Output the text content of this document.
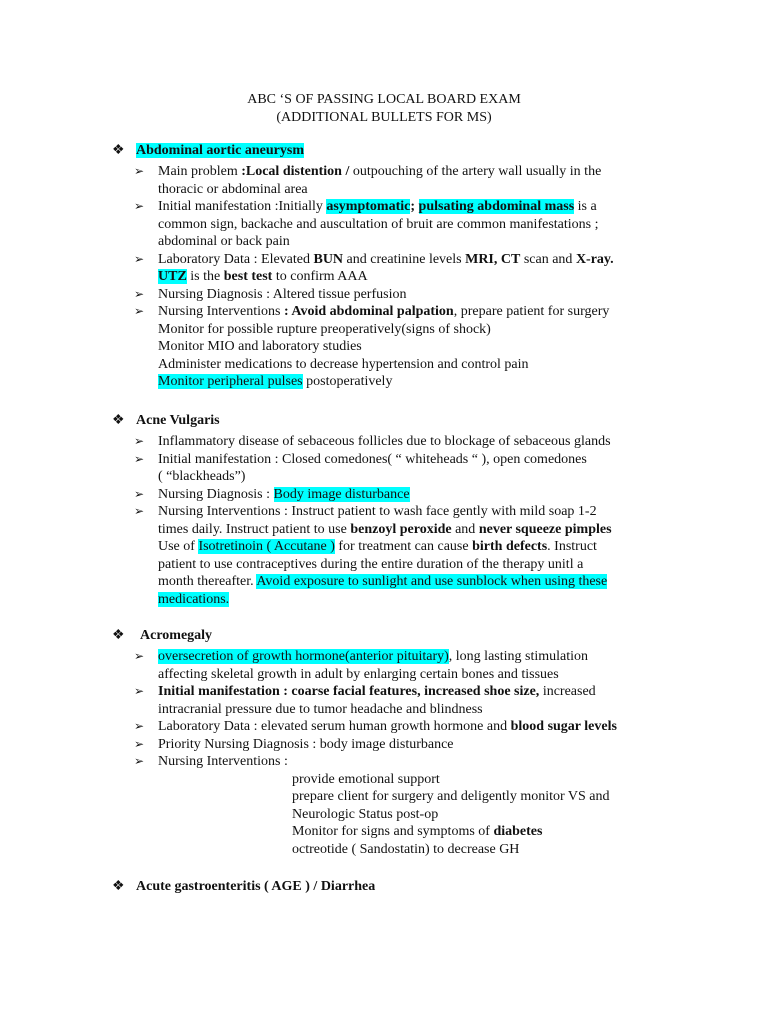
ABC ‘S OF PASSING LOCAL BOARD EXAM
(ADDITIONAL BULLETS FOR MS)
❖ Abdominal aortic aneurysm
➢ Main problem :Local distention / outpouching of the artery wall usually in the
thoracic or abdominal area
➢ Initial manifestation :Initially asymptomatic; pulsating abdominal mass is a
common sign, backache and auscultation of bruit are common manifestations ;
abdominal or back pain
➢ Laboratory Data : Elevated BUN and creatinine levels MRI, CT scan and X-ray.
UTZ is the best test to confirm AAA
➢ Nursing Diagnosis : Altered tissue perfusion
➢ Nursing Interventions : Avoid abdominal palpation, prepare patient for surgery
Monitor for possible rupture preoperatively(signs of shock)
Monitor MIO and laboratory studies
Administer medications to decrease hypertension and control pain
Monitor peripheral pulses postoperatively
❖ Acne Vulgaris
➢ Inflammatory disease of sebaceous follicles due to blockage of sebaceous glands
➢ Initial manifestation : Closed comedones( “ whiteheads “ ), open comedones
( “blackheads”)
➢ Nursing Diagnosis : Body image disturbance
➢ Nursing Interventions : Instruct patient to wash face gently with mild soap 1-2
times daily. Instruct patient to use benzoyl peroxide and never squeeze pimples
Use of Isotretinoin ( Accutane ) for treatment can cause birth defects. Instruct
patient to use contraceptives during the entire duration of the therapy unitl a
month thereafter. Avoid exposure to sunlight and use sunblock when using these
medications.
❖ Acromegaly
➢ oversecretion of growth hormone(anterior pituitary), long lasting stimulation
affecting skeletal growth in adult by enlarging certain bones and tissues
➢ Initial manifestation : coarse facial features, increased shoe size, increased
intracranial pressure due to tumor headache and blindness
➢ Laboratory Data : elevated serum human growth hormone and blood sugar levels
➢ Priority Nursing Diagnosis : body image disturbance
➢ Nursing Interventions :
provide emotional support
prepare client for surgery and deligently monitor VS and
Neurologic Status post-op
Monitor for signs and symptoms of diabetes
octreotide ( Sandostatin) to decrease GH
❖ Acute gastroenteritis ( AGE ) / Diarrhea
